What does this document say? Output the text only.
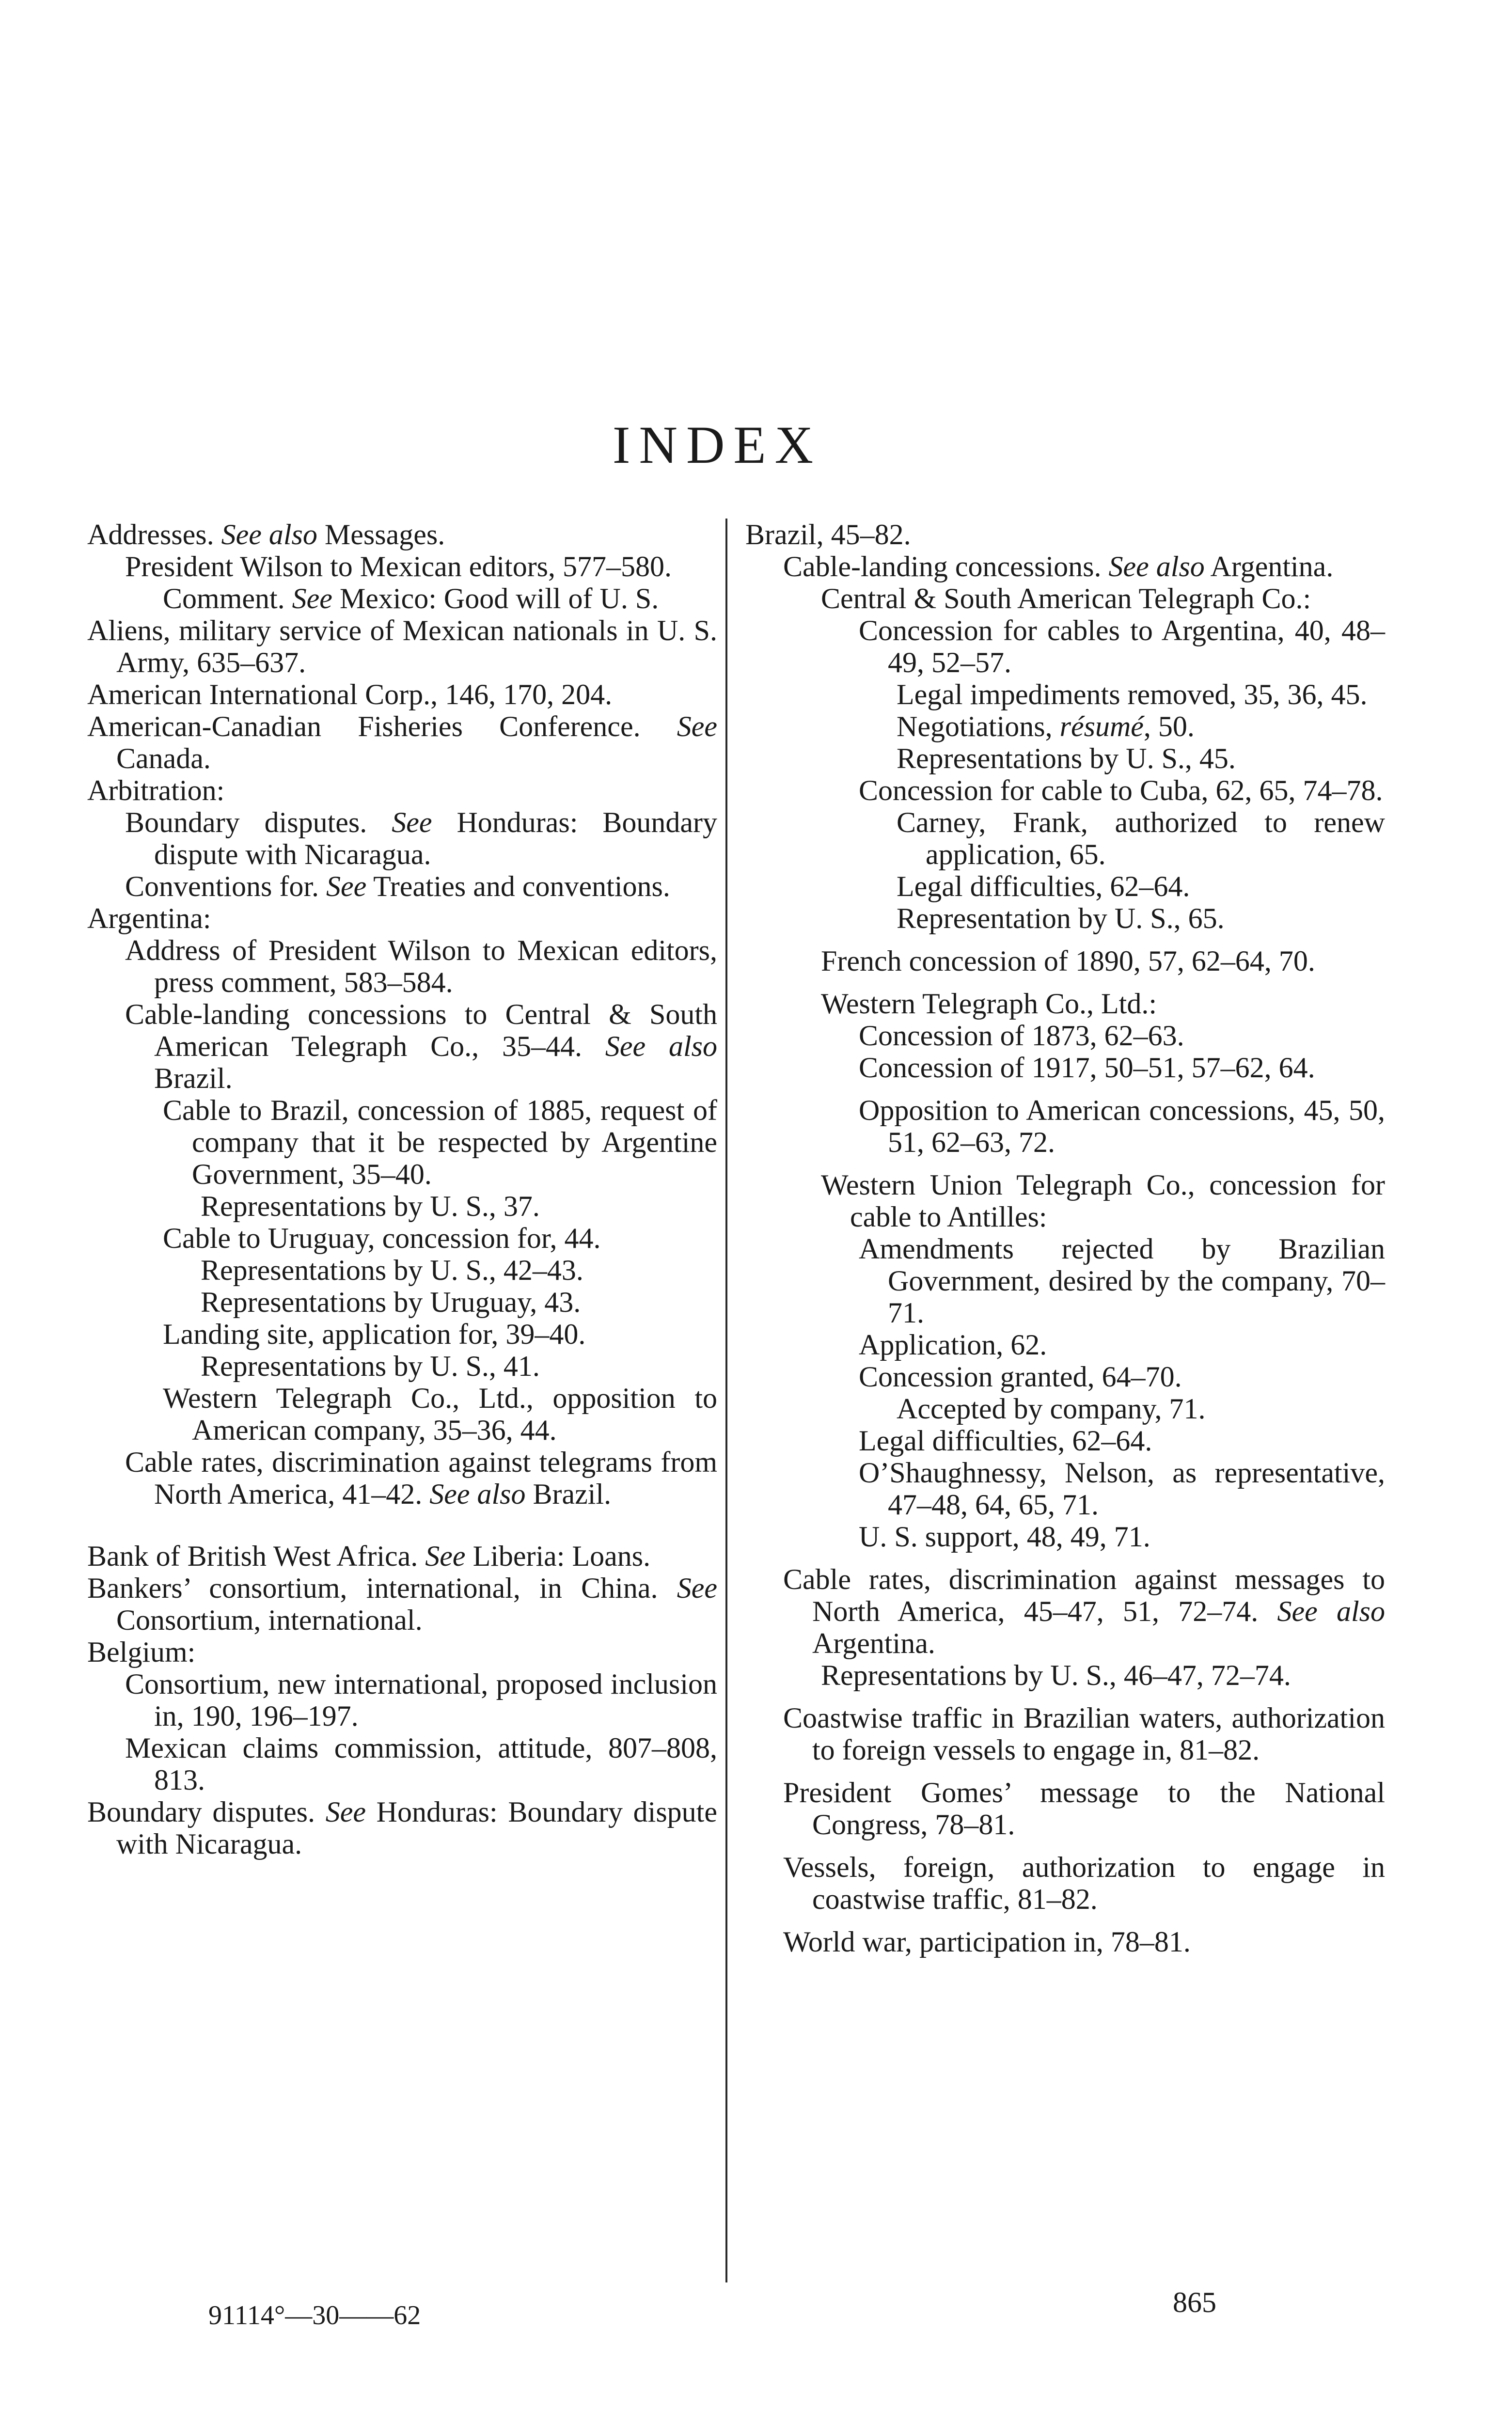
INDEX

Addresses. See also Messages.

President Wilson to Mexican editors, 577–580.

Comment. See Mexico: Good will of U. S.

Aliens, military service of Mexican nationals in U. S. Army, 635–637.

American International Corp., 146, 170, 204.

American-Canadian Fisheries Conference. See Canada.

Arbitration:

Boundary disputes. See Honduras: Boundary dispute with Nicaragua.

Conventions for. See Treaties and conventions.

Argentina:

Address of President Wilson to Mexican editors, press comment, 583–584.

Cable-landing concessions to Central & South American Telegraph Co., 35–44. See also Brazil.

Cable to Brazil, concession of 1885, request of company that it be respected by Argentine Government, 35–40.

Representations by U. S., 37.

Cable to Uruguay, concession for, 44.

Representations by U. S., 42–43.

Representations by Uruguay, 43.

Landing site, application for, 39–40.

Representations by U. S., 41.

Western Telegraph Co., Ltd., opposition to American company, 35–36, 44.

Cable rates, discrimination against telegrams from North America, 41–42. See also Brazil.

Bank of British West Africa. See Liberia: Loans.

Bankers’ consortium, international, in China. See Consortium, international.

Belgium:

Consortium, new international, proposed inclusion in, 190, 196–197.

Mexican claims commission, attitude, 807–808, 813.

Boundary disputes. See Honduras: Boundary dispute with Nicaragua.

Brazil, 45–82.

Cable-landing concessions. See also Argentina.

Central & South American Telegraph Co.:

Concession for cables to Argentina, 40, 48–49, 52–57.

Legal impediments removed, 35, 36, 45.

Negotiations, résumé, 50.

Representations by U. S., 45.

Concession for cable to Cuba, 62, 65, 74–78.

Carney, Frank, authorized to renew application, 65.

Legal difficulties, 62–64.

Representation by U. S., 65.

French concession of 1890, 57, 62–64, 70.

Western Telegraph Co., Ltd.:

Concession of 1873, 62–63.

Concession of 1917, 50–51, 57–62, 64.

Opposition to American concessions, 45, 50, 51, 62–63, 72.

Western Union Telegraph Co., concession for cable to Antilles:

Amendments rejected by Brazilian Government, desired by the company, 70–71.

Application, 62.

Concession granted, 64–70.

Accepted by company, 71.

Legal difficulties, 62–64.

O’Shaughnessy, Nelson, as representative, 47–48, 64, 65, 71.

U. S. support, 48, 49, 71.

Cable rates, discrimination against messages to North America, 45–47, 51, 72–74. See also Argentina.

Representations by U. S., 46–47, 72–74.

Coastwise traffic in Brazilian waters, authorization to foreign vessels to engage in, 81–82.

President Gomes’ message to the National Congress, 78–81.

Vessels, foreign, authorization to engage in coastwise traffic, 81–82.

World war, participation in, 78–81.

91114°—30——62	865
